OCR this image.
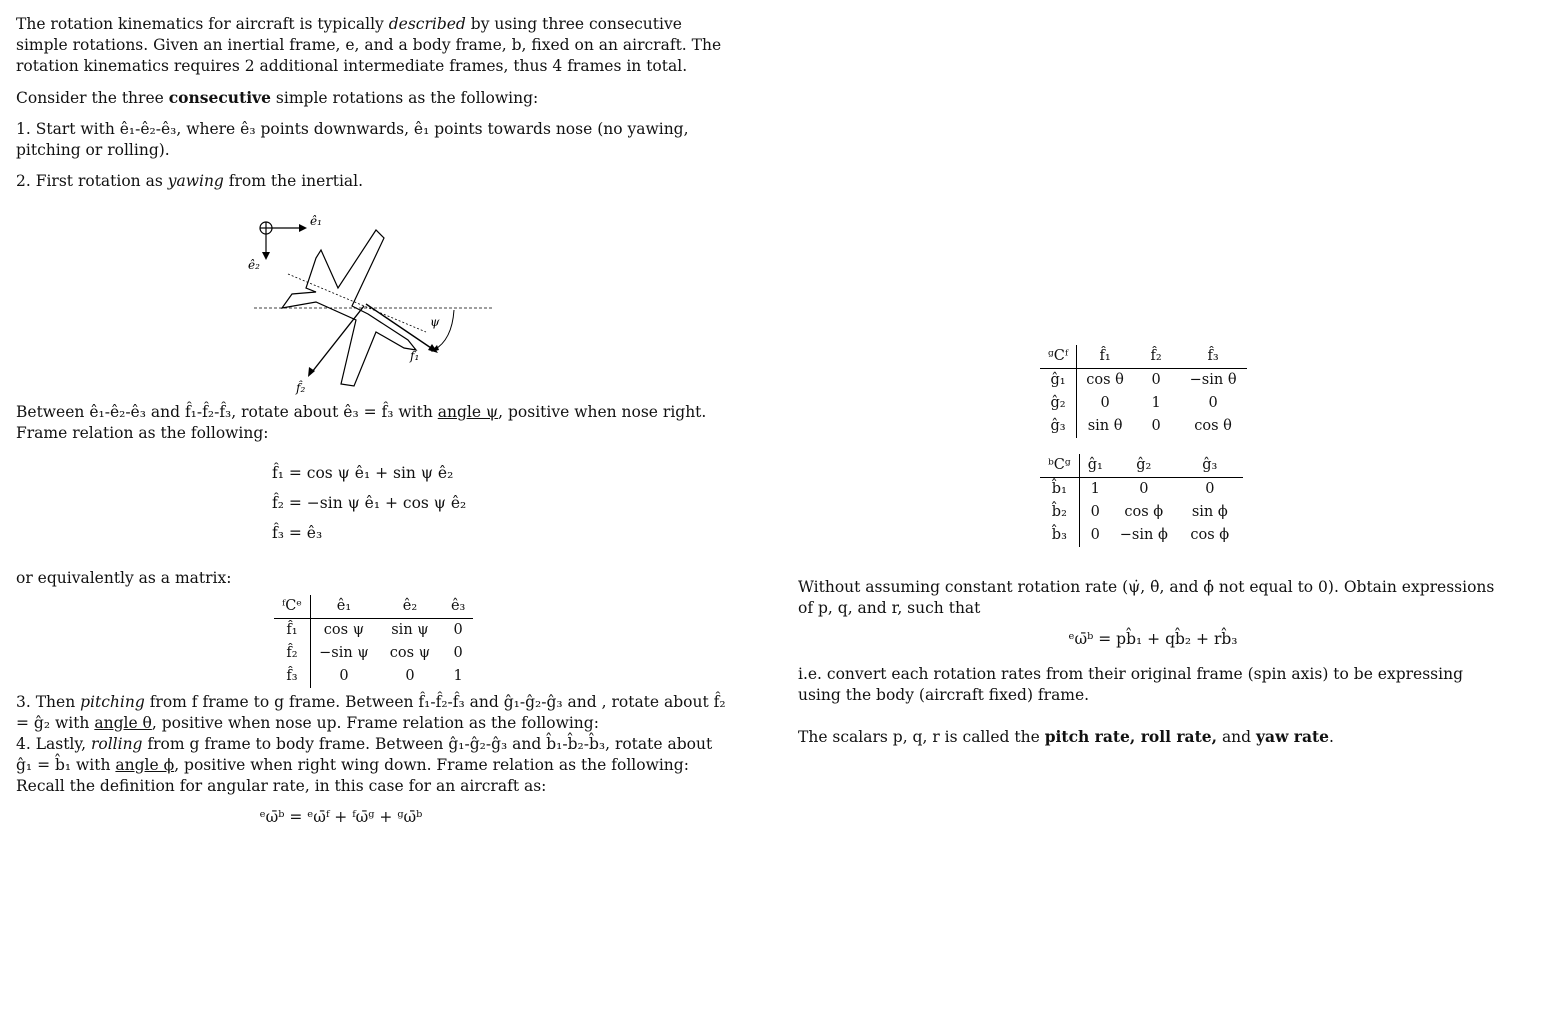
The rotation kinematics for aircraft is typically described by using three consecutive simple rotations. Given an inertial frame, e, and a body frame, b, fixed on an aircraft. The rotation kinematics requires 2 additional intermediate frames, thus 4 frames in total.

Consider the three consecutive simple rotations as the following:

1. Start with ê₁-ê₂-ê₃, where ê₃ points downwards, ê₁ points towards nose (no yawing, pitching or rolling).

2. First rotation as yawing from the inertial.

ê₁
ê₂
ψ
f̂₁
f̂₂

Between ê₁-ê₂-ê₃ and f̂₁-f̂₂-f̂₃, rotate about ê₃ = f̂₃ with angle ψ, positive when nose right.

Frame relation as the following:

f̂₁ = cos ψ ê₁ + sin ψ ê₂
f̂₂ = −sin ψ ê₁ + cos ψ ê₂
f̂₃ = ê₃

or equivalently as a matrix:

ᶠCᵉ	ê₁	ê₂	ê₃
f̂₁	cos ψ	sin ψ	0
f̂₂	−sin ψ	cos ψ	0
f̂₃	0	0	1

3. Then pitching from f frame to g frame. Between f̂₁-f̂₂-f̂₃ and ĝ₁-ĝ₂-ĝ₃ and , rotate about f̂₂ = ĝ₂ with angle θ, positive when nose up. Frame relation as the following:

4. Lastly, rolling from g frame to body frame. Between ĝ₁-ĝ₂-ĝ₃ and b̂₁-b̂₂-b̂₃, rotate about ĝ₁ = b̂₁ with angle ϕ, positive when right wing down. Frame relation as the following:

Recall the definition for angular rate, in this case for an aircraft as:

ᵉω̄ᵇ = ᵉω̄ᶠ + ᶠω̄ᵍ + ᵍω̄ᵇ
ᵍCᶠ	f̂₁	f̂₂	f̂₃
ĝ₁	cos θ	0	−sin θ
ĝ₂	0	1	0
ĝ₃	sin θ	0	cos θ
ᵇCᵍ	ĝ₁	ĝ₂	ĝ₃
b̂₁	1	0	0
b̂₂	0	cos ϕ	sin ϕ
b̂₃	0	−sin ϕ	cos ϕ

Without assuming constant rotation rate (ψ̇, θ̇, and ϕ̇ not equal to 0). Obtain expressions of p, q, and r, such that

ᵉω̄ᵇ = pb̂₁ + qb̂₂ + rb̂₃

i.e. convert each rotation rates from their original frame (spin axis) to be expressing using the body (aircraft fixed) frame.

The scalars p, q, r is called the pitch rate, roll rate, and yaw rate.
